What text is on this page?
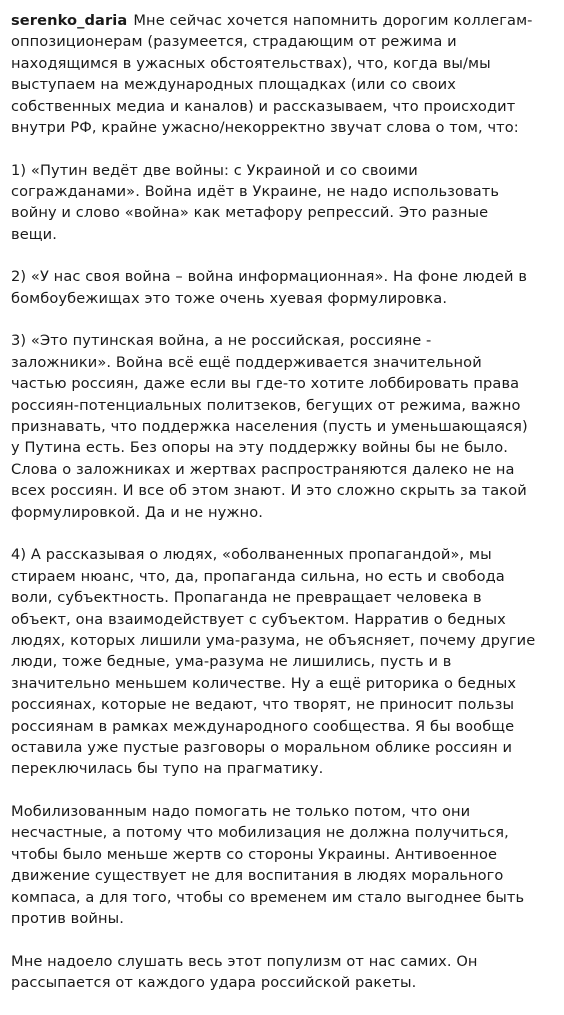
serenko_daria Мне сейчас хочется напомнить дорогим коллегам-
оппозиционерам (разумеется, страдающим от режима и
находящимся в ужасных обстоятельствах), что, когда вы/мы
выступаем на международных площадках (или со своих
собственных медиа и каналов) и рассказываем, что происходит
внутри РФ, крайне ужасно/некорректно звучат слова о том, что:

1) «Путин ведёт две войны: с Украиной и со своими
согражданами». Война идёт в Украине, не надо использовать
войну и слово «война» как метафору репрессий. Это разные
вещи.

2) «У нас своя война – война информационная». На фоне людей в
бомбоубежищах это тоже очень хуевая формулировка.

3) «Это путинская война, а не российская, россияне -
заложники». Война всё ещё поддерживается значительной
частью россиян, даже если вы где-то хотите лоббировать права
россиян-потенциальных политзеков, бегущих от режима, важно
признавать, что поддержка населения (пусть и уменьшающаяся)
у Путина есть. Без опоры на эту поддержку войны бы не было.
Слова о заложниках и жертвах распространяются далеко не на
всех россиян. И все об этом знают. И это сложно скрыть за такой
формулировкой. Да и не нужно.

4) А рассказывая о людях, «оболваненных пропагандой», мы
стираем нюанс, что, да, пропаганда сильна, но есть и свобода
воли, субъектность. Пропаганда не превращает человека в
объект, она взаимодействует с субъектом. Нарратив о бедных
людях, которых лишили ума-разума, не объясняет, почему другие
люди, тоже бедные, ума-разума не лишились, пусть и в
значительно меньшем количестве. Ну а ещё риторика о бедных
россиянах, которые не ведают, что творят, не приносит пользы
россиянам в рамках международного сообщества. Я бы вообще
оставила уже пустые разговоры о моральном облике россиян и
переключилась бы тупо на прагматику.

Мобилизованным надо помогать не только потом, что они
несчастные, а потому что мобилизация не должна получиться,
чтобы было меньше жертв со стороны Украины. Антивоенное
движение существует не для воспитания в людях морального
компаса, а для того, чтобы со временем им стало выгоднее быть
против войны.

Мне надоело слушать весь этот популизм от нас самих. Он
рассыпается от каждого удара российской ракеты.
